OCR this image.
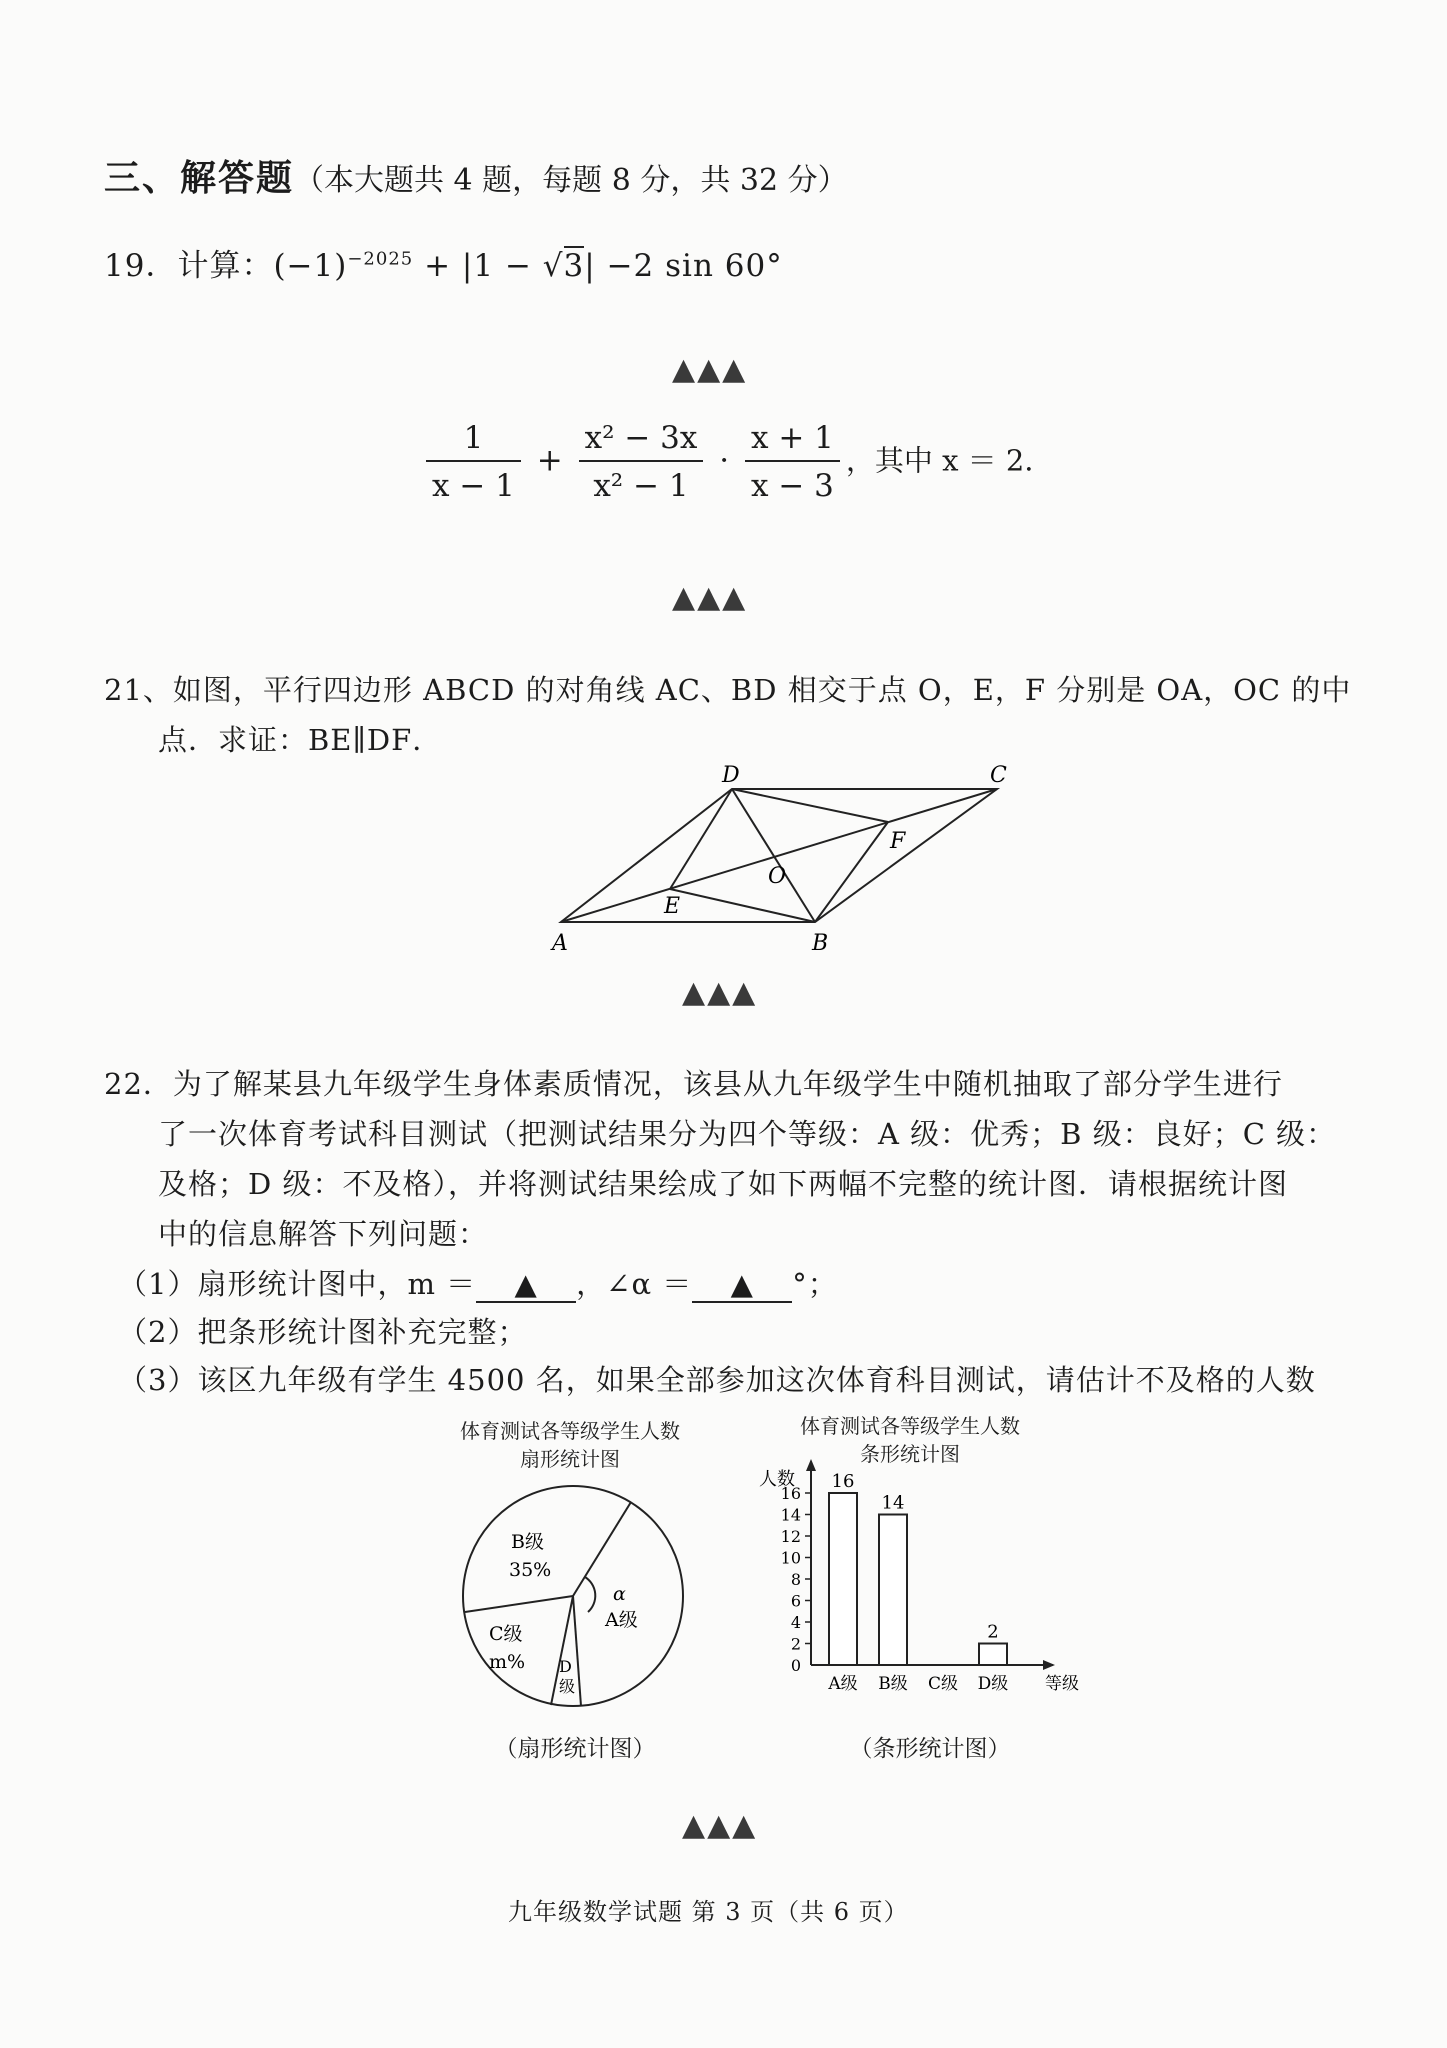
三、解答题（本大题共 4 题，每题 8 分，共 32 分）
19．计算：$(-1)^{-2025} + |1 - √3| -2$ sin 60°
▲▲▲
$\frac{1}{x - 1} + \frac{\text{x² − 3x}}{\text{x² − 1}} \cdot \frac{x + 1}{x - 3}$ ，其中 x ＝ 2．
▲▲▲
21、如图，平行四边形 ABCD 的对角线 AC、BD 相交于点 O，E，F 分别是 OA，OC 的中
点．求证：BE∥DF．
A	B
C
D
E
F
O
▲▲▲
22．为了解某县九年级学生身体素质情况，该县从九年级学生中随机抽取了部分学生进行
了一次体育考试科目测试（把测试结果分为四个等级：A 级：优秀；B 级：良好；C 级：
及格；D 级：不及格），并将测试结果绘成了如下两幅不完整的统计图．请根据统计图
中的信息解答下列问题：
（1）扇形统计图中，m ＝ ▲ ，∠α ＝ ▲ °；
（2）把条形统计图补充完整；
（3）该区九年级有学生 4500 名，如果全部参加这次体育科目测试，请估计不及格的人数
体育测试各等级学生人数
扇形统计图
B级
35%
C级
m%
α
A级
D
级
（扇形统计图）
体育测试各等级学生人数
条形统计图
人数
0
2
4
6
8
10
12
14
16
16
A级
14
B级 C级
2
D级 等级
（条形统计图）
▲▲▲
九年级数学试题 第 3 页（共 6 页）
